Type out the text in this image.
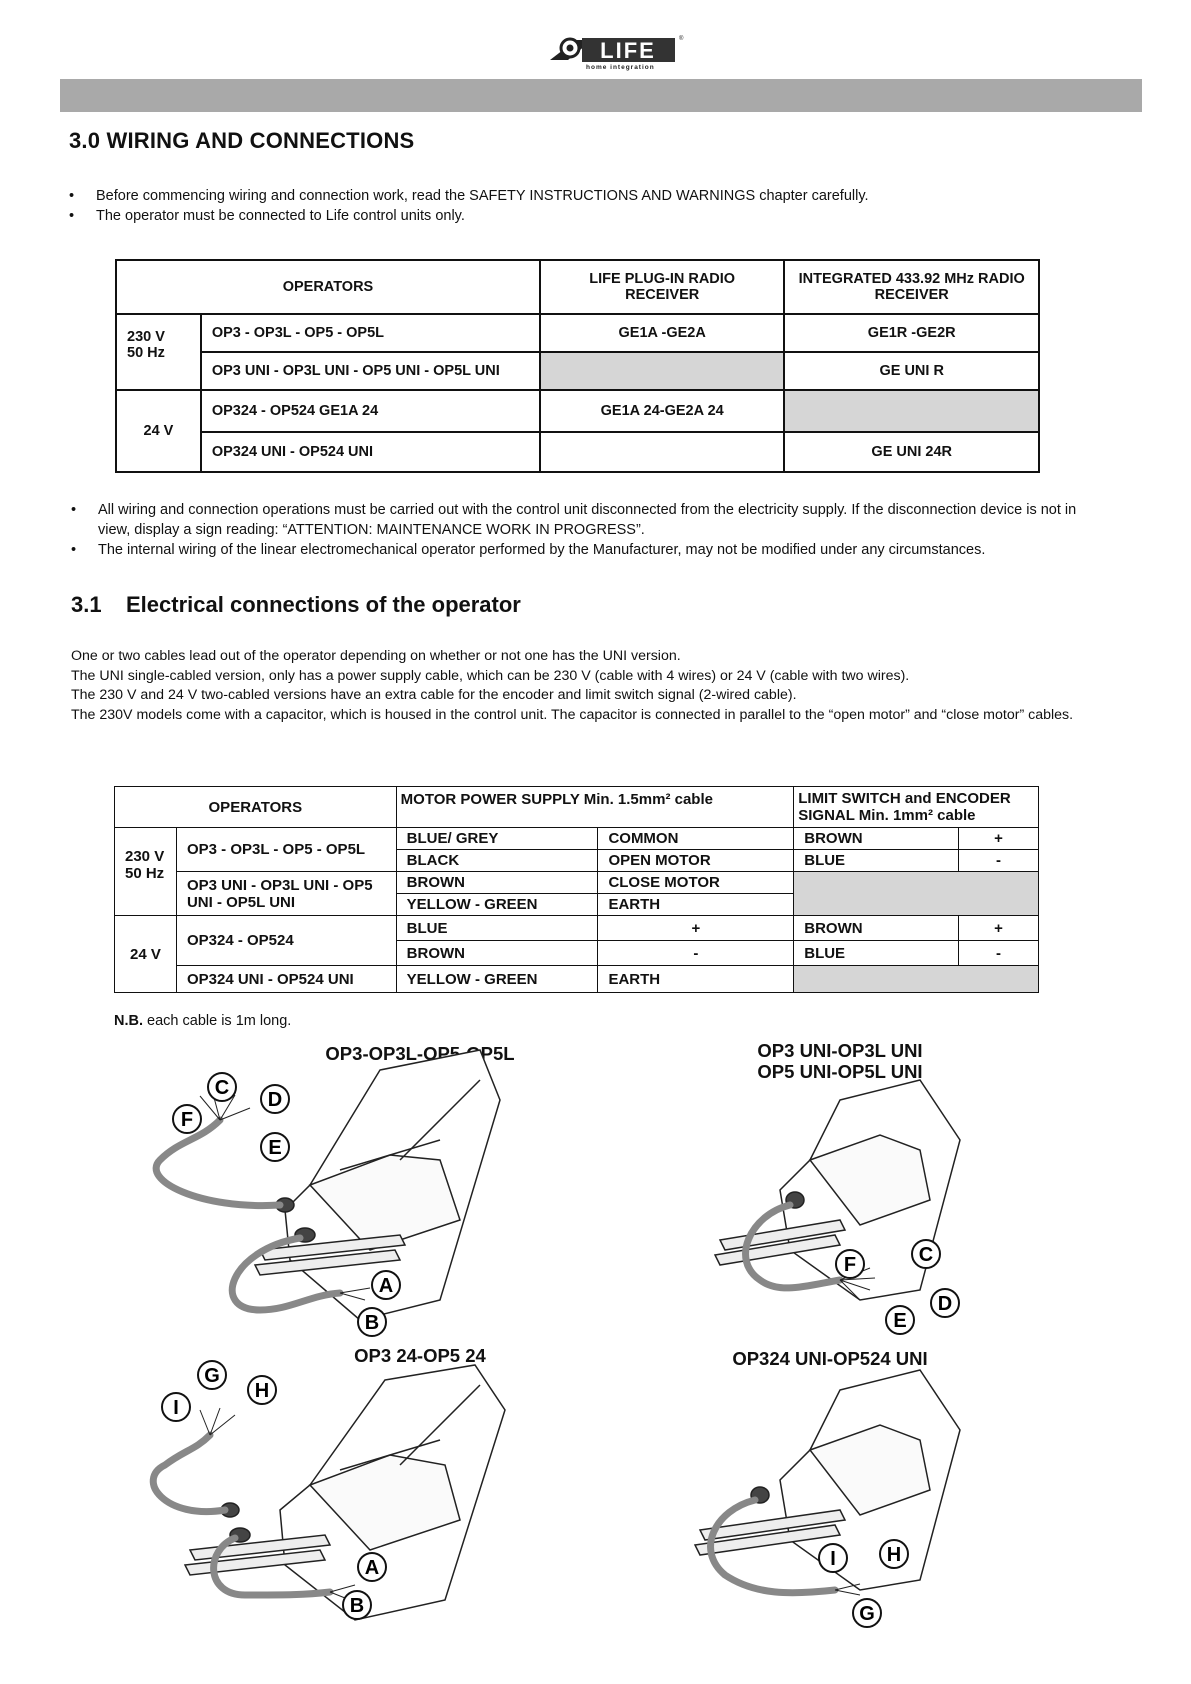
LIFE	®
home integration
3.0 WIRING AND CONNECTIONS
• Before commencing wiring and connection work, read the SAFETY INSTRUCTIONS AND WARNINGS chapter carefully.
• The operator must be connected to Life control units only.
OPERATORS		LIFE PLUG-IN RADIO RECEIVER	INTEGRATED 433.92 MHz RADIO RECEIVER
230 V
50 Hz	OP3 - OP3L - OP5 - OP5L	GE1A -GE2A	GE1R -GE2R
	OP3 UNI - OP3L UNI - OP5 UNI - OP5L UNI		GE UNI R
24 V	OP324 - OP524 GE1A 24	GE1A 24-GE2A 24	
	OP324 UNI - OP524 UNI		GE UNI 24R
• All wiring and connection operations must be carried out with the control unit disconnected from the electricity supply. If the disconnection device is not in view, display a sign reading: “ATTENTION: MAINTENANCE WORK IN PROGRESS”.
• The internal wiring of the linear electromechanical operator performed by the Manufacturer, may not be modified under any circumstances.
3.1 Electrical connections of the operator
One or two cables lead out of the operator depending on whether or not one has the UNI version.
The UNI single-cabled version, only has a power supply cable, which can be 230 V (cable with 4 wires) or 24 V (cable with two wires).
The 230 V and 24 V two-cabled versions have an extra cable for the encoder and limit switch signal (2-wired cable).
The 230V models come with a capacitor, which is housed in the control unit. The capacitor is connected in parallel to the “open motor” and “close motor” cables.
OPERATORS		MOTOR POWER SUPPLY Min. 1.5mm² cable		LIMIT SWITCH and ENCODER SIGNAL Min. 1mm² cable	

230 V
50 Hz	OP3 - OP3L - OP5 - OP5L	BLUE/ GREY	COMMON	BROWN	+
		BLACK	OPEN MOTOR	BLUE	-
	OP3 UNI - OP3L UNI - OP5 UNI - OP5L UNI	BROWN	CLOSE MOTOR		
		YELLOW - GREEN	EARTH		
24 V	OP324 - OP524	BLUE	+	BROWN	+
		BROWN	-	BLUE	-
	OP324 UNI - OP524 UNI	YELLOW - GREEN	EARTH		
N.B. each cable is 1m long.
OP3-OP3L-OP5-OP5L	OP3 UNI-OP3L UNI
OP5 UNI-OP5L UNI
OP3 24-OP5 24	OP324 UNI-OP524 UNI
C
D
F
E
A
B
F	C
D
E
G
H
I
A
B
I	H
G
